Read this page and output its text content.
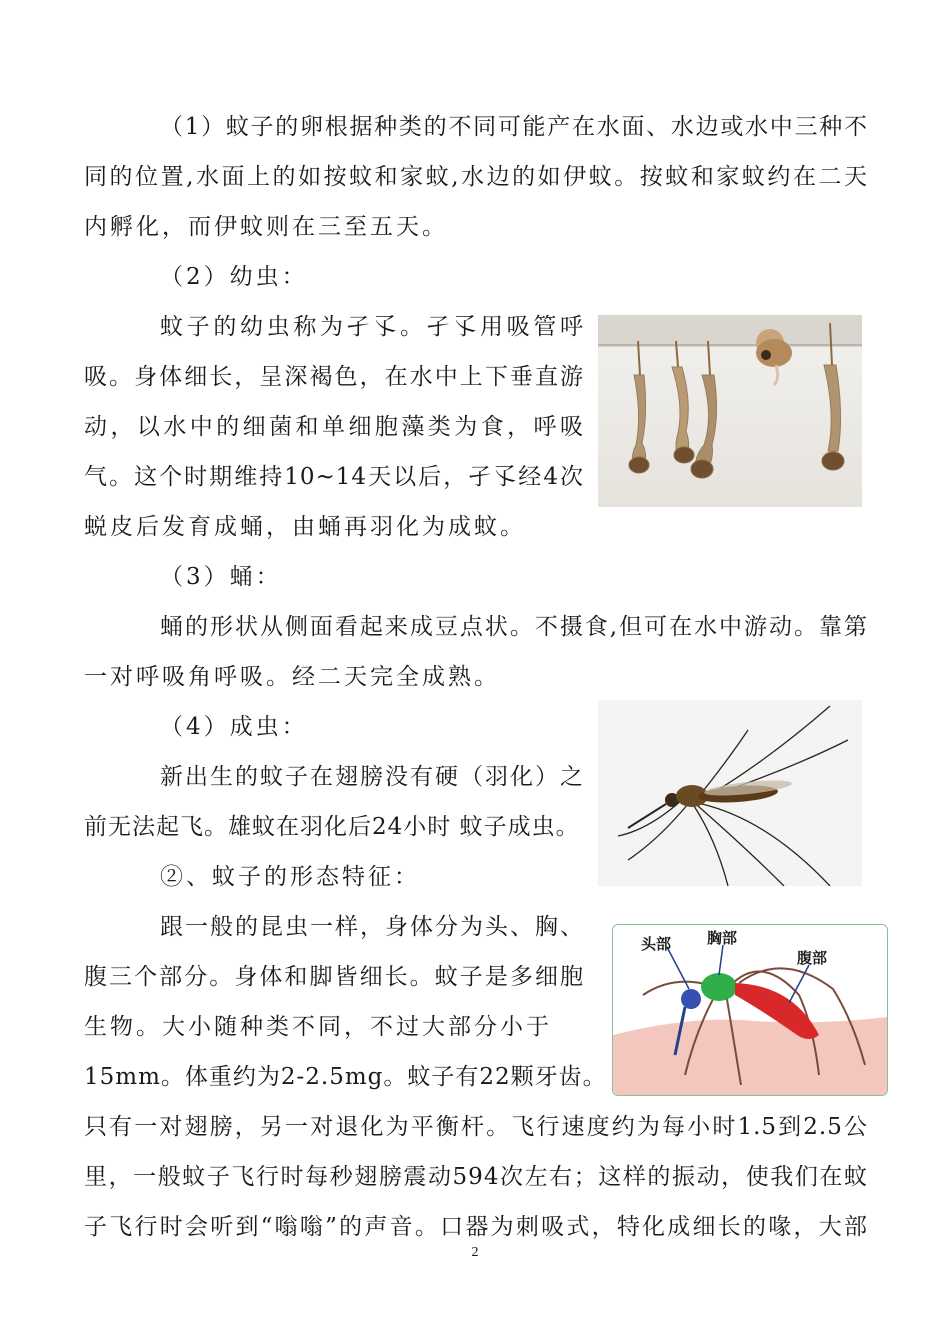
（1）蚊子的卵根据种类的不同可能产在水面、水边或水中三种不
同的位置,水面上的如按蚊和家蚊,水边的如伊蚊。按蚊和家蚊约在二天
内孵化，而伊蚊则在三至五天。
（2）幼虫：
蚊子的幼虫称为孑孓。孑孓用吸管呼
吸。身体细长，呈深褐色，在水中上下垂直游
动，以水中的细菌和单细胞藻类为食，呼吸
气。这个时期维持10~14天以后，孑孓经4次
蜕皮后发育成蛹，由蛹再羽化为成蚊。
（3）蛹：
蛹的形状从侧面看起来成豆点状。不摄食,但可在水中游动。靠第
一对呼吸角呼吸。经二天完全成熟。
（4）成虫：
新出生的蚊子在翅膀没有硬（羽化）之
前无法起飞。雄蚊在羽化后24小时 蚊子成虫。
②、蚊子的形态特征：
跟一般的昆虫一样，身体分为头、胸、
腹三个部分。身体和脚皆细长。蚊子是多细胞
生物。大小随种类不同，不过大部分小于
15mm。体重约为2-2.5mg。蚊子有22颗牙齿。
只有一对翅膀，另一对退化为平衡杆。飞行速度约为每小时1.5到2.5公
里，一般蚊子飞行时每秒翅膀震动594次左右；这样的振动，使我们在蚊
子飞行时会听到“嗡嗡”的声音。口器为刺吸式，特化成细长的喙，大部
头部 胸部
腹部
2
